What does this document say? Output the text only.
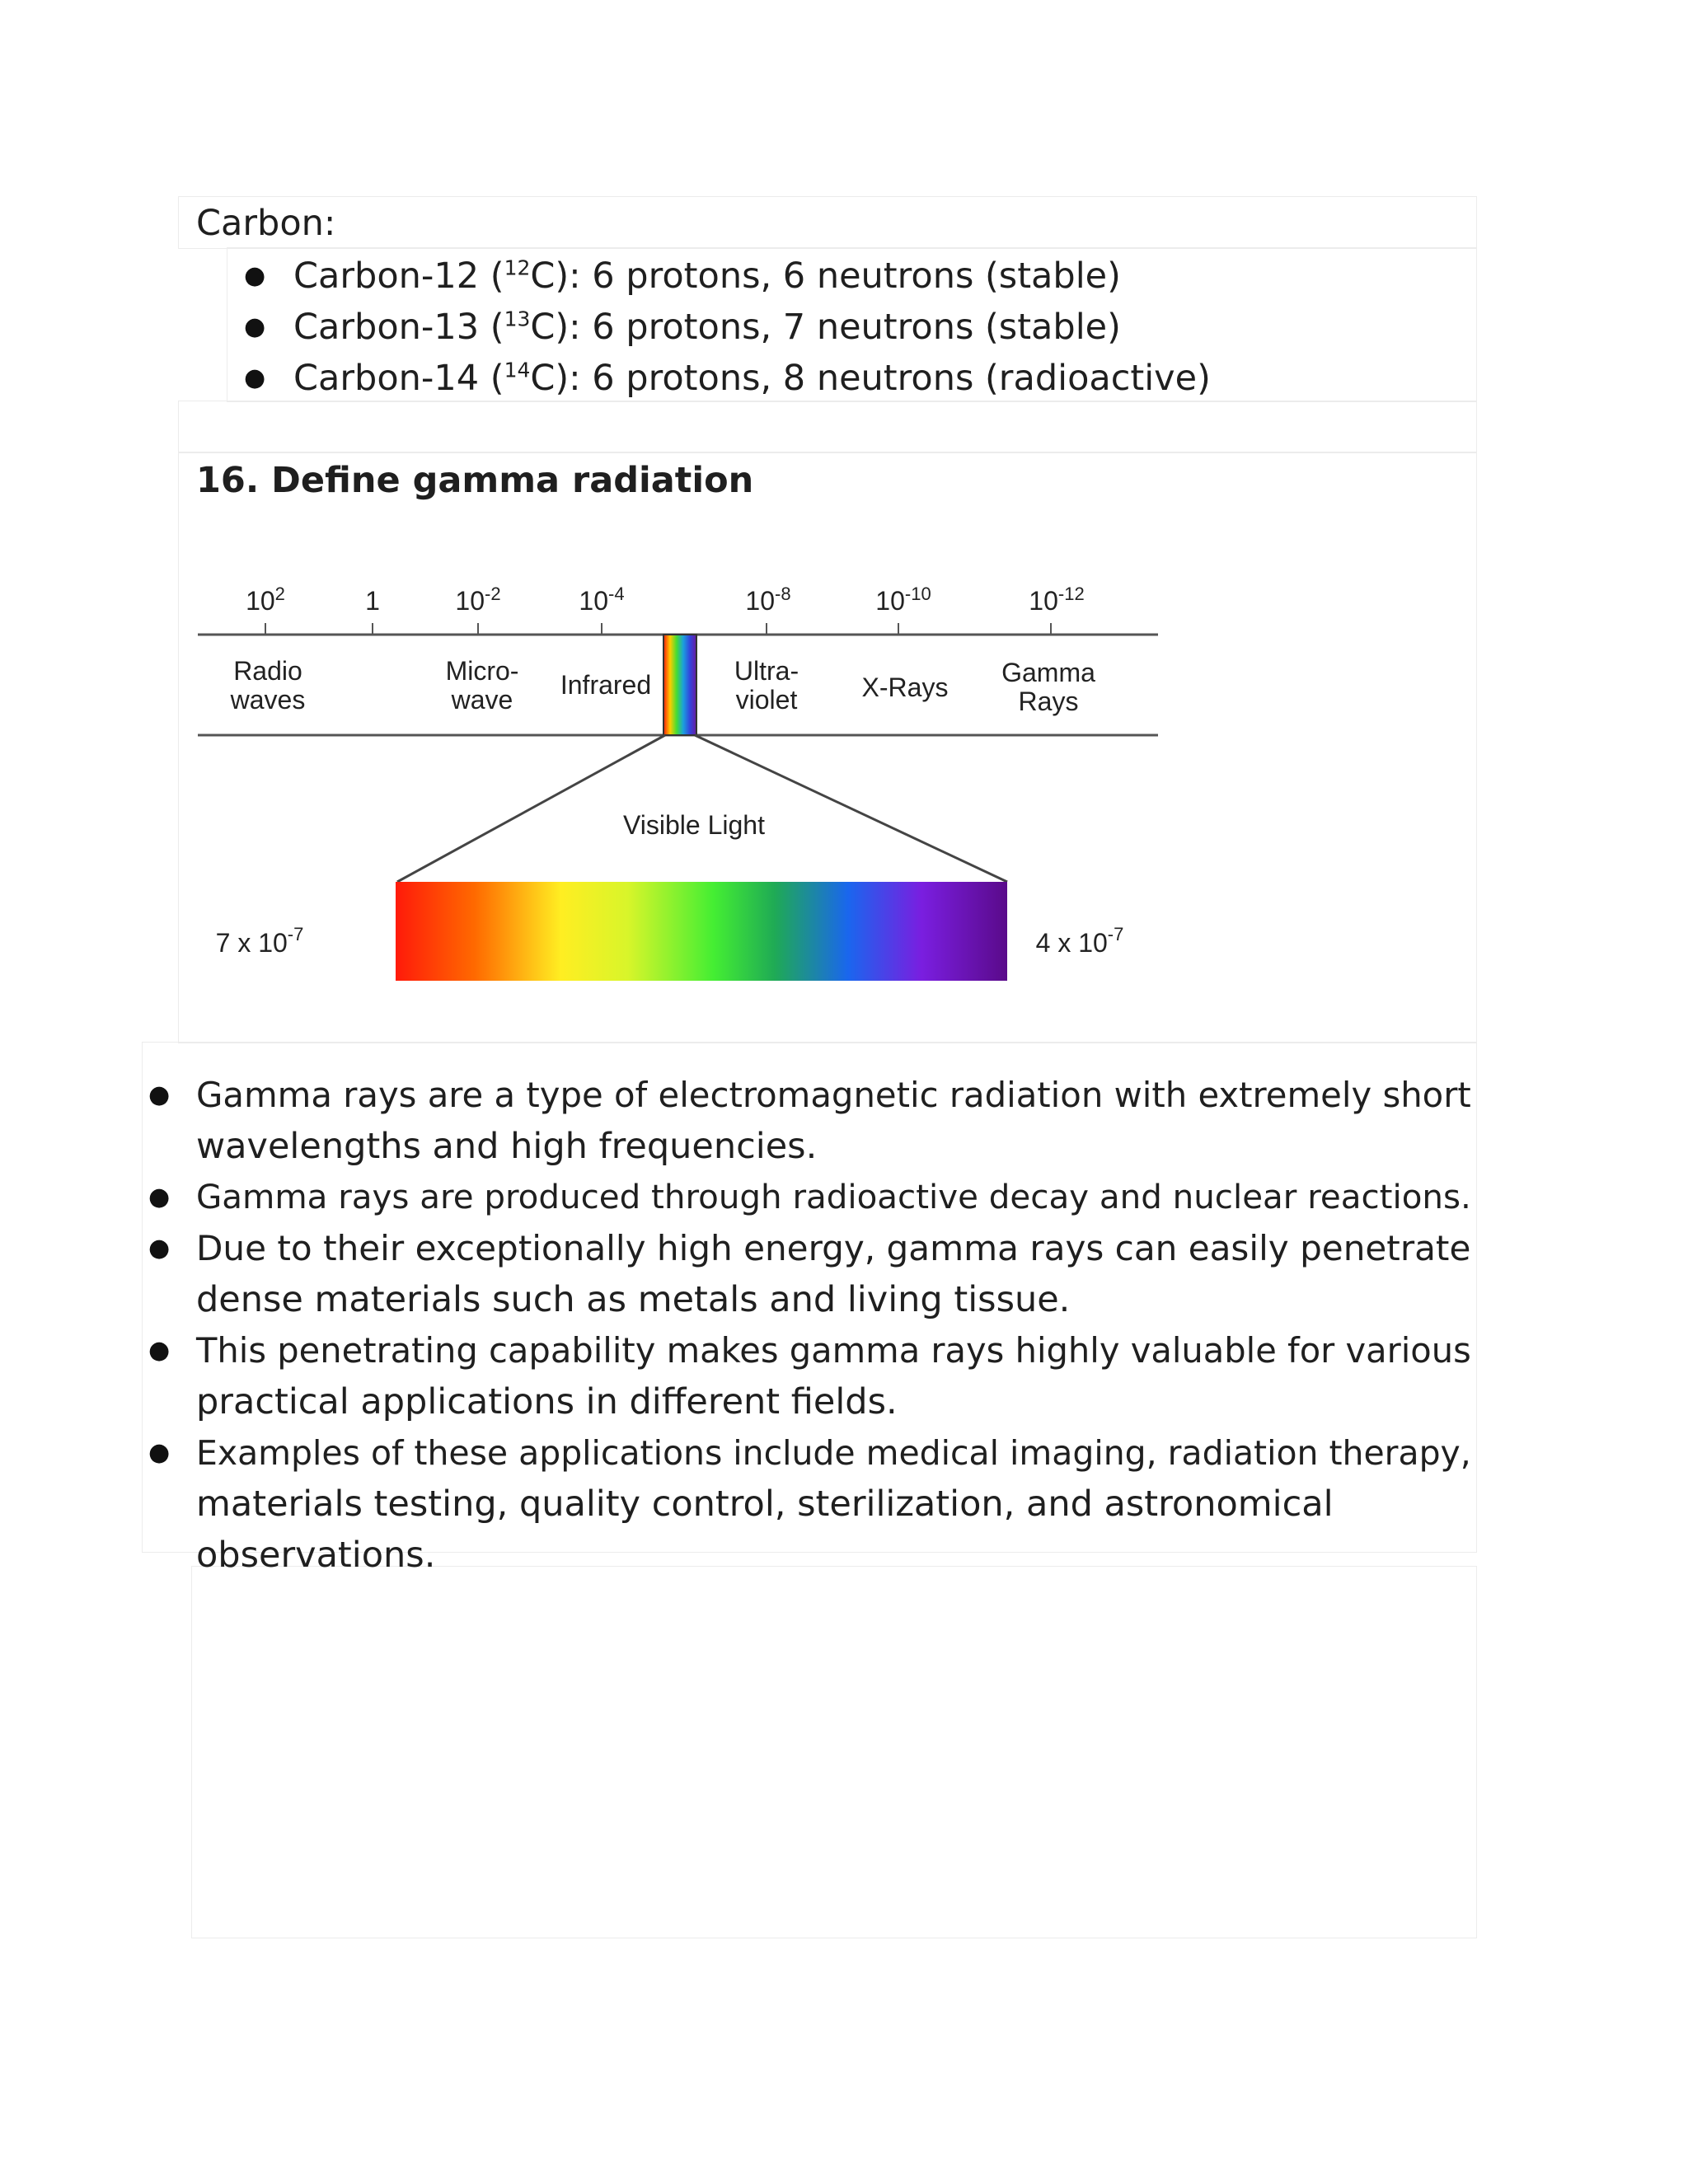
Carbon:
● Carbon-12 ($^{12}$C): 6 protons, 6 neutrons (stable)
● Carbon-13 ($^{13}$C): 6 protons, 7 neutrons (stable)
● Carbon-14 ($^{14}$C): 6 protons, 8 neutrons (radioactive)
16. Define gamma radiation
$10^2$	1	$10^{-2}$	$10^{-4}$	$10^{-8}$	$10^{-10}$	$10^{-12}$
Radio
waves
Micro-
wave Infrared	Ultra-
violet X-Rays Gamma
Rays
Visible Light
7 x $10^{-7}$	4 x $10^{-7}$
● Gamma rays are a type of electromagnetic radiation with extremely short
wavelengths and high frequencies.
● Gamma rays are produced through radioactive decay and nuclear reactions.
● Due to their exceptionally high energy, gamma rays can easily penetrate
dense materials such as metals and living tissue.
● This penetrating capability makes gamma rays highly valuable for various
practical applications in different fields.
● Examples of these applications include medical imaging, radiation therapy,
materials testing, quality control, sterilization, and astronomical
observations.
